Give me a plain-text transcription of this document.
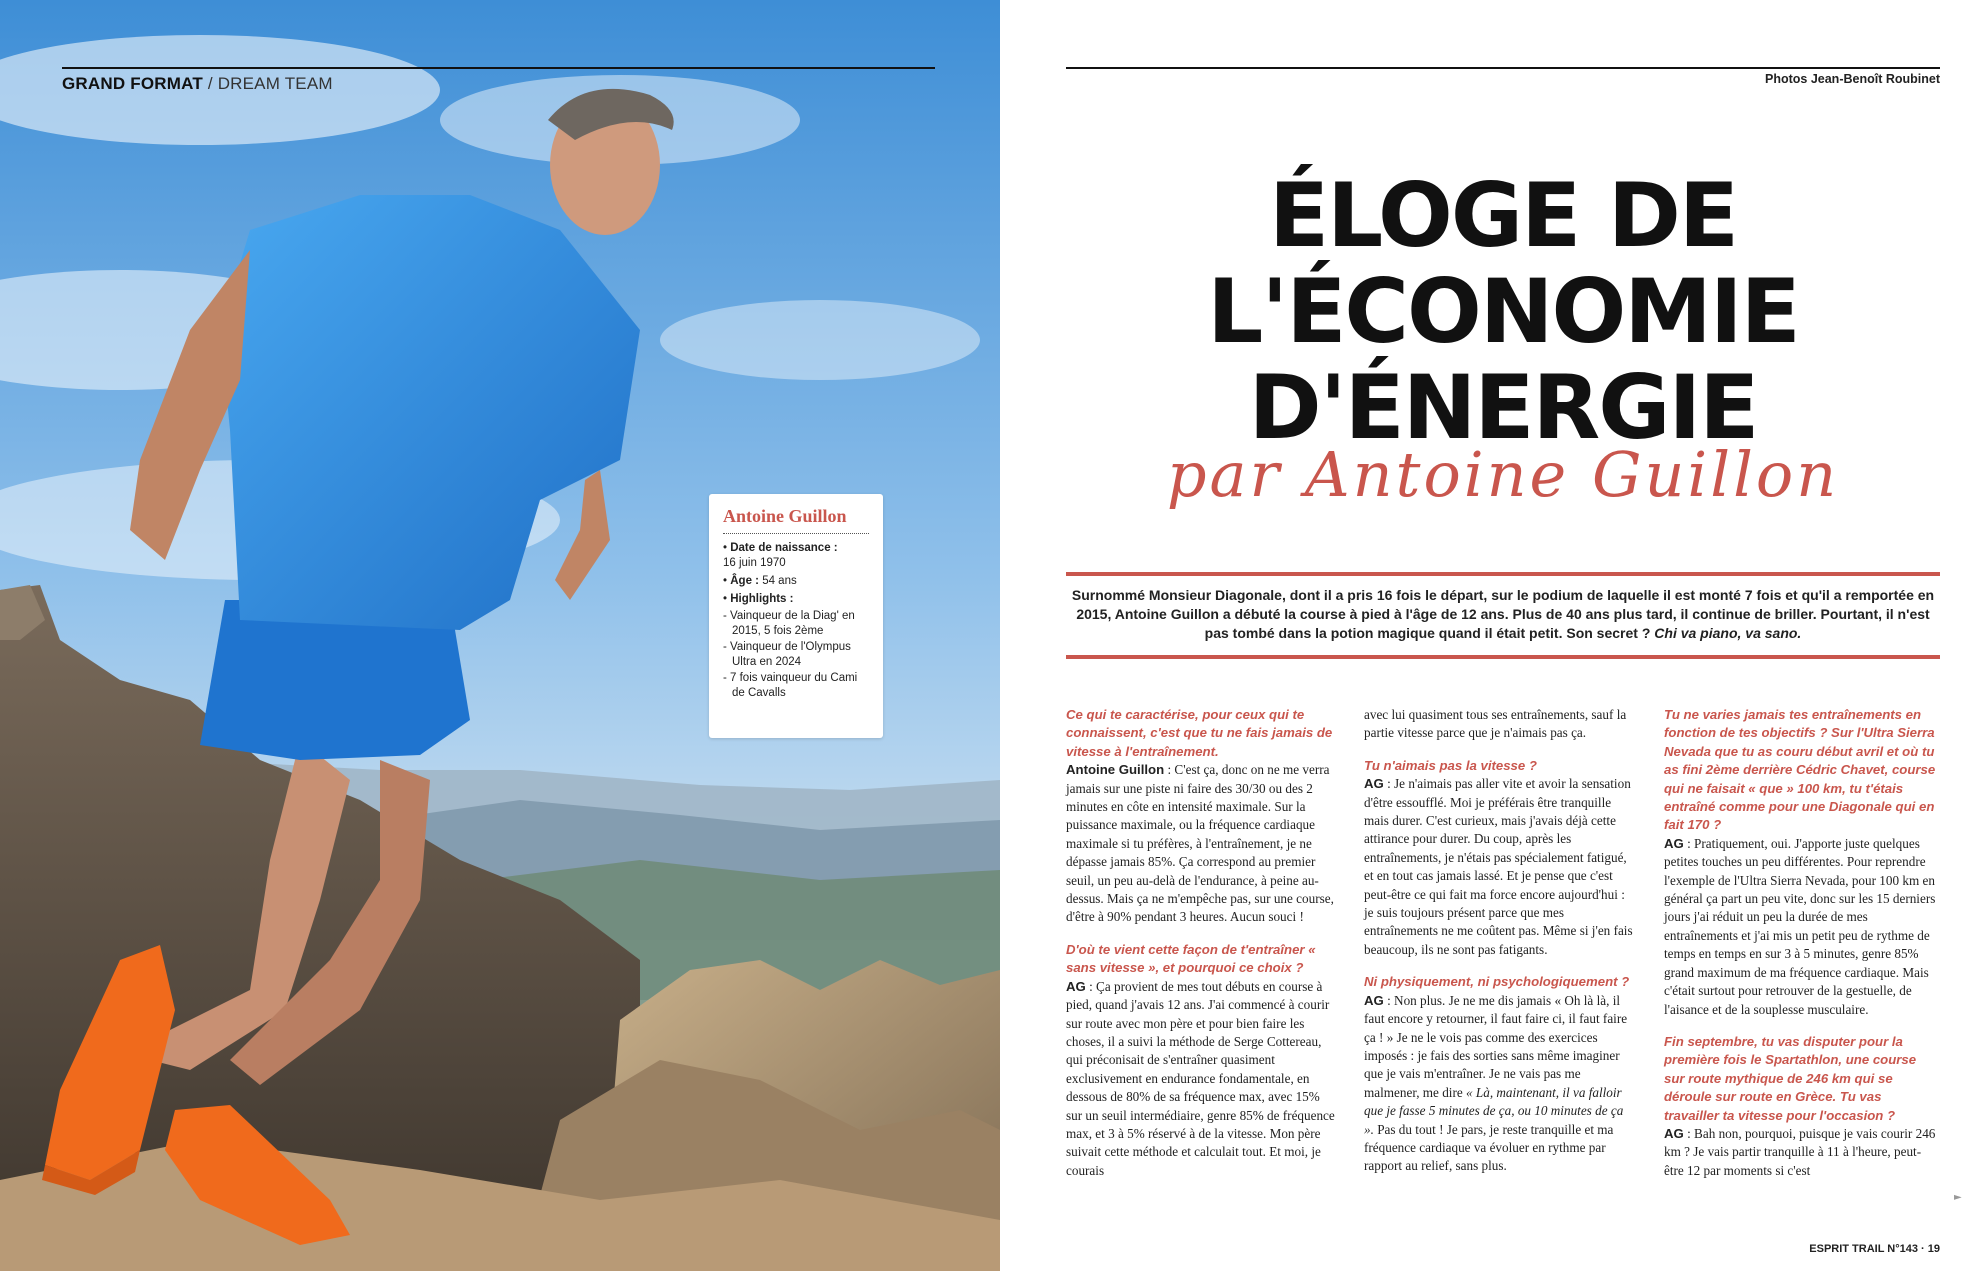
GRAND FORMAT / DREAM TEAM
Antoine Guillon
• Date de naissance :
16 juin 1970
• Âge : 54 ans
• Highlights :
- Vainqueur de la Diag' en 2015, 5 fois 2ème
- Vainqueur de l'Olympus Ultra en 2024
- 7 fois vainqueur du Cami de Cavalls
Photos Jean-Benoît Roubinet
ÉLOGE DE
L'ÉCONOMIE
D'ÉNERGIE
par Antoine Guillon

Surnommé Monsieur Diagonale, dont il a pris 16 fois le départ, sur le podium de laquelle il est monté 7 fois et qu'il a remportée en 2015, Antoine Guillon a débuté la course à pied à l'âge de 12 ans. Plus de 40 ans plus tard, il continue de briller. Pourtant, il n'est pas tombé dans la potion magique quand il était petit. Son secret ? Chi va piano, va sano.

Ce qui te caractérise, pour ceux qui te connaissent, c'est que tu ne fais jamais de vitesse à l'entraînement.

Antoine Guillon : C'est ça, donc on ne me verra jamais sur une piste ni faire des 30/30 ou des 2 minutes en côte en intensité maximale. Sur la puissance maximale, ou la fréquence cardiaque maximale si tu préfères, à l'entraînement, je ne dépasse jamais 85%. Ça correspond au premier seuil, un peu au-delà de l'endurance, à peine au-dessus. Mais ça ne m'empêche pas, sur une course, d'être à 90% pendant 3 heures. Aucun souci !

D'où te vient cette façon de t'entraîner « sans vitesse », et pourquoi ce choix ?

AG : Ça provient de mes tout débuts en course à pied, quand j'avais 12 ans. J'ai commencé à courir sur route avec mon père et pour bien faire les choses, il a suivi la méthode de Serge Cottereau, qui préconisait de s'entraîner quasiment exclusivement en endurance fondamentale, en dessous de 80% de sa fréquence max, avec 15% sur un seuil intermédiaire, genre 85% de fréquence max, et 3 à 5% réservé à de la vitesse. Mon père suivait cette méthode et calculait tout. Et moi, je courais

avec lui quasiment tous ses entraînements, sauf la partie vitesse parce que je n'aimais pas ça.

Tu n'aimais pas la vitesse ?

AG : Je n'aimais pas aller vite et avoir la sensation d'être essoufflé. Moi je préférais être tranquille mais durer. C'est curieux, mais j'avais déjà cette attirance pour durer. Du coup, après les entraînements, je n'étais pas spécialement fatigué, et en tout cas jamais lassé. Et je pense que c'est peut-être ce qui fait ma force encore aujourd'hui : je suis toujours présent parce que mes entraînements ne me coûtent pas. Même si j'en fais beaucoup, ils ne sont pas fatigants.

Ni physiquement, ni psychologiquement ?

AG : Non plus. Je ne me dis jamais « Oh là là, il faut encore y retourner, il faut faire ci, il faut faire ça ! » Je ne le vois pas comme des exercices imposés : je fais des sorties sans même imaginer que je vais m'entraîner. Je ne vais pas me malmener, me dire « Là, maintenant, il va falloir que je fasse 5 minutes de ça, ou 10 minutes de ça ». Pas du tout ! Je pars, je reste tranquille et ma fréquence cardiaque va évoluer en rythme par rapport au relief, sans plus.

Tu ne varies jamais tes entraînements en fonction de tes objectifs ? Sur l'Ultra Sierra Nevada que tu as couru début avril et où tu as fini 2ème derrière Cédric Chavet, course qui ne faisait « que » 100 km, tu t'étais entraîné comme pour une Diagonale qui en fait 170 ?

AG : Pratiquement, oui. J'apporte juste quelques petites touches un peu différentes. Pour reprendre l'exemple de l'Ultra Sierra Nevada, pour 100 km en général ça part un peu vite, donc sur les 15 derniers jours j'ai réduit un peu la durée de mes entraînements et j'ai mis un petit peu de rythme de temps en temps en sur 3 à 5 minutes, genre 85% grand maximum de ma fréquence cardiaque. Mais c'était surtout pour retrouver de la gestuelle, de l'aisance et de la souplesse musculaire.

Fin septembre, tu vas disputer pour la première fois le Spartathlon, une course sur route mythique de 246 km qui se déroule sur route en Grèce. Tu vas travailler ta vitesse pour l'occasion ?

AG : Bah non, pourquoi, puisque je vais courir 246 km ? Je vais partir tranquille à 11 à l'heure, peut-être 12 par moments si c'est

►
ESPRIT TRAIL N°143 · 19
